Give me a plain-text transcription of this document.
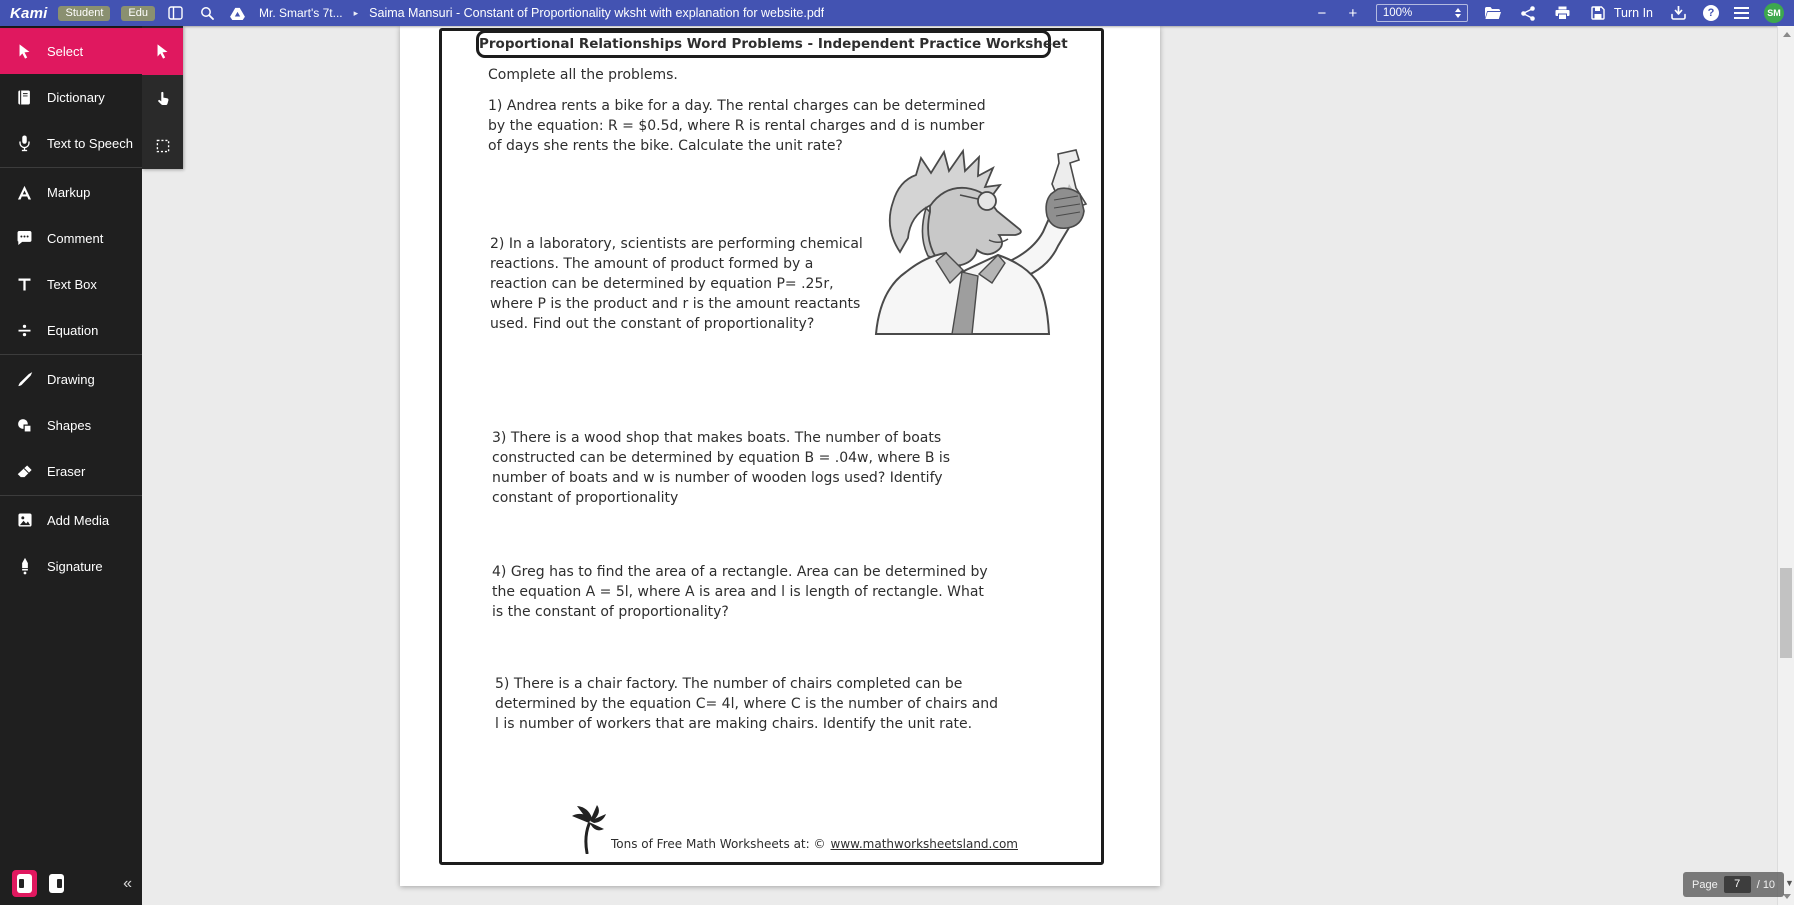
Kami	Student	Edu	Mr. Smart's 7t... ▸ Saima Mansuri - Constant of Proportionality wksht with explanation for website.pdf	− +	100%	Turn In	?	SM
Select
Dictionary
Text to Speech
Markup
Comment
Text Box
Equation
Drawing
Shapes
Eraser
Add Media
Signature
«
Proportional Relationships Word Problems - Independent Practice Worksheet
Complete all the problems.
1) Andrea rents a bike for a day. The rental charges can be determined by the equation: R = $0.5d, where R is rental charges and d is number of days she rents the bike. Calculate the unit rate?
2) In a laboratory, scientists are performing chemical reactions. The amount of product formed by a reaction can be determined by equation P= .25r, where P is the product and r is the amount reactants used. Find out the constant of proportionality?
3) There is a wood shop that makes boats. The number of boats constructed can be determined by equation B = .04w, where B is number of boats and w is number of wooden logs used? Identify constant of proportionality
4) Greg has to find the area of a rectangle. Area can be determined by the equation A = 5l, where A is area and l is length of rectangle. What is the constant of proportionality?
5) There is a chair factory. The number of chairs completed can be determined by the equation C= 4l, where C is the number of chairs and l is number of workers that are making chairs. Identify the unit rate.
Tons of Free Math Worksheets at: © www.mathworksheetsland.com
Page	7	/ 10 ▼
